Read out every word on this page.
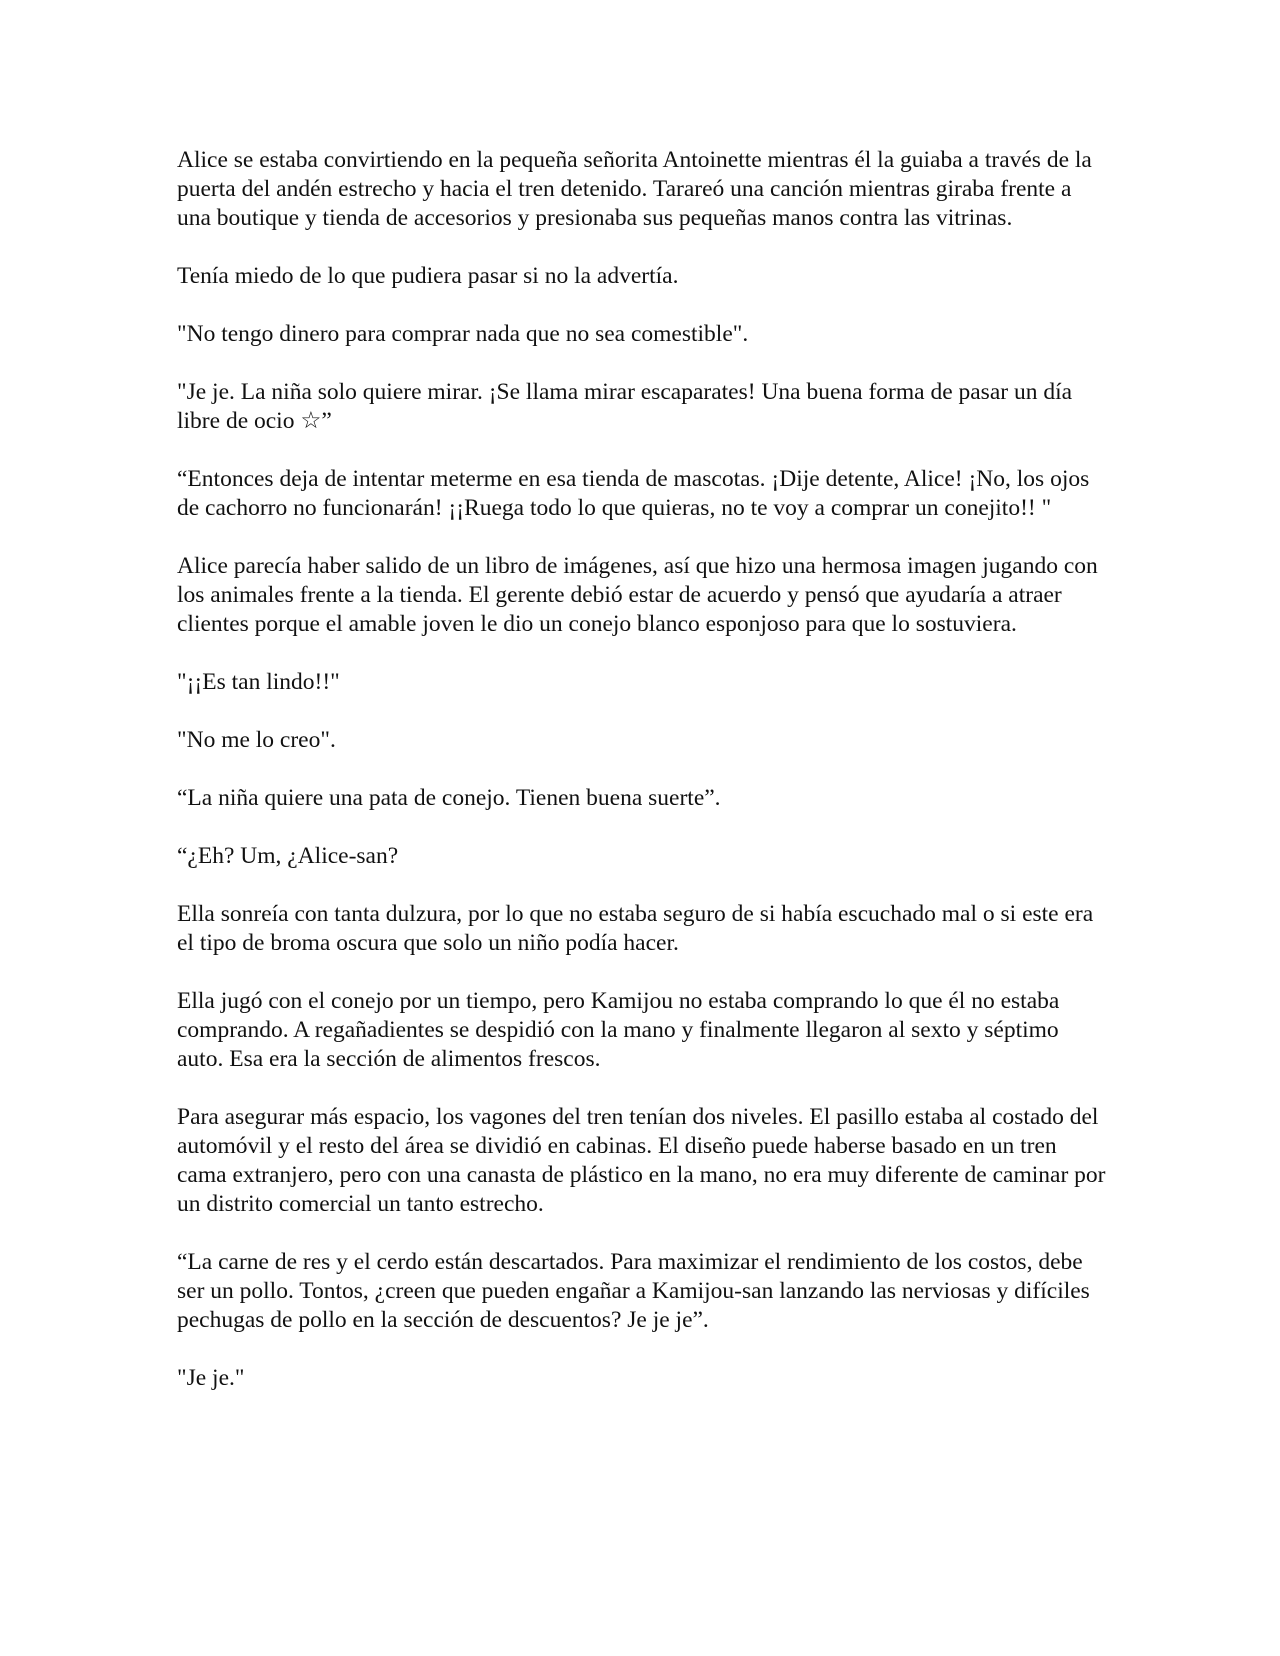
Alice se estaba convirtiendo en la pequeña señorita Antoinette mientras él la guiaba a través de la puerta del andén estrecho y hacia el tren detenido. Tarareó una canción mientras giraba frente a una boutique y tienda de accesorios y presionaba sus pequeñas manos contra las vitrinas.

Tenía miedo de lo que pudiera pasar si no la advertía.

"No tengo dinero para comprar nada que no sea comestible".

"Je je. La niña solo quiere mirar. ¡Se llama mirar escaparates! Una buena forma de pasar un día libre de ocio ☆”

“Entonces deja de intentar meterme en esa tienda de mascotas. ¡Dije detente, Alice! ¡No, los ojos de cachorro no funcionarán! ¡¡Ruega todo lo que quieras, no te voy a comprar un conejito!! "

Alice parecía haber salido de un libro de imágenes, así que hizo una hermosa imagen jugando con los animales frente a la tienda. El gerente debió estar de acuerdo y pensó que ayudaría a atraer clientes porque el amable joven le dio un conejo blanco esponjoso para que lo sostuviera.

"¡¡Es tan lindo!!"

"No me lo creo".

“La niña quiere una pata de conejo. Tienen buena suerte”.

“¿Eh? Um, ¿Alice-san?

Ella sonreía con tanta dulzura, por lo que no estaba seguro de si había escuchado mal o si este era el tipo de broma oscura que solo un niño podía hacer.

Ella jugó con el conejo por un tiempo, pero Kamijou no estaba comprando lo que él no estaba comprando. A regañadientes se despidió con la mano y finalmente llegaron al sexto y séptimo auto. Esa era la sección de alimentos frescos.

Para asegurar más espacio, los vagones del tren tenían dos niveles. El pasillo estaba al costado del automóvil y el resto del área se dividió en cabinas. El diseño puede haberse basado en un tren cama extranjero, pero con una canasta de plástico en la mano, no era muy diferente de caminar por un distrito comercial un tanto estrecho.

“La carne de res y el cerdo están descartados. Para maximizar el rendimiento de los costos, debe ser un pollo. Tontos, ¿creen que pueden engañar a Kamijou-san lanzando las nerviosas y difíciles pechugas de pollo en la sección de descuentos? Je je je”.

"Je je."
